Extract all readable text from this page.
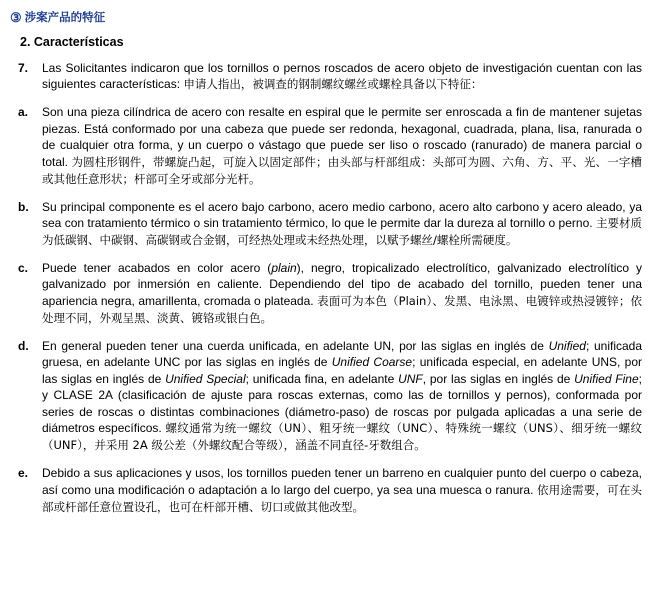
③ 涉案产品的特征
2. Características
7.	Las Solicitantes indicaron que los tornillos o pernos roscados de acero objeto de investigación cuentan con las siguientes características: 申请人指出，被调查的钢制螺纹螺丝或螺栓具备以下特征：
a.	Son una pieza cilíndrica de acero con resalte en espiral que le permite ser enroscada a fin de mantener sujetas piezas. Está conformado por una cabeza que puede ser redonda, hexagonal, cuadrada, plana, lisa, ranurada o de cualquier otra forma, y un cuerpo o vástago que puede ser liso o roscado (ranurado) de manera parcial o total. 为圆柱形钢件，带螺旋凸起，可旋入以固定部件；由头部与杆部组成：头部可为圆、六角、方、平、光、一字槽或其他任意形状；杆部可全牙或部分光杆。
b.	Su principal componente es el acero bajo carbono, acero medio carbono, acero alto carbono y acero aleado, ya sea con tratamiento térmico o sin tratamiento térmico, lo que le permite dar la dureza al tornillo o perno. 主要材质为低碳钢、中碳钢、高碳钢或合金钢，可经热处理或未经热处理，以赋予螺丝/螺栓所需硬度。
c.	Puede tener acabados en color acero (plain), negro, tropicalizado electrolítico, galvanizado electrolítico y galvanizado por inmersión en caliente. Dependiendo del tipo de acabado del tornillo, pueden tener una apariencia negra, amarillenta, cromada o plateada. 表面可为本色（Plain）、发黑、电泳黑、电镀锌或热浸镀锌；依处理不同，外观呈黑、淡黄、镀铬或银白色。
d.	En general pueden tener una cuerda unificada, en adelante UN, por las siglas en inglés de Unified; unificada gruesa, en adelante UNC por las siglas en inglés de Unified Coarse; unificada especial, en adelante UNS, por las siglas en inglés de Unified Special; unificada fina, en adelante UNF, por las siglas en inglés de Unified Fine; y CLASE 2A (clasificación de ajuste para roscas externas, como las de tornillos y pernos), conformada por series de roscas o distintas combinaciones (diámetro-paso) de roscas por pulgada aplicadas a una serie de diámetros específicos. 螺纹通常为统一螺纹（UN）、粗牙统一螺纹（UNC）、特殊统一螺纹（UNS）、细牙统一螺纹（UNF），并采用 2A 级公差（外螺纹配合等级），涵盖不同直径-牙数组合。
e.	Debido a sus aplicaciones y usos, los tornillos pueden tener un barreno en cualquier punto del cuerpo o cabeza, así como una modificación o adaptación a lo largo del cuerpo, ya sea una muesca o ranura. 依用途需要，可在头部或杆部任意位置设孔，也可在杆部开槽、切口或做其他改型。
